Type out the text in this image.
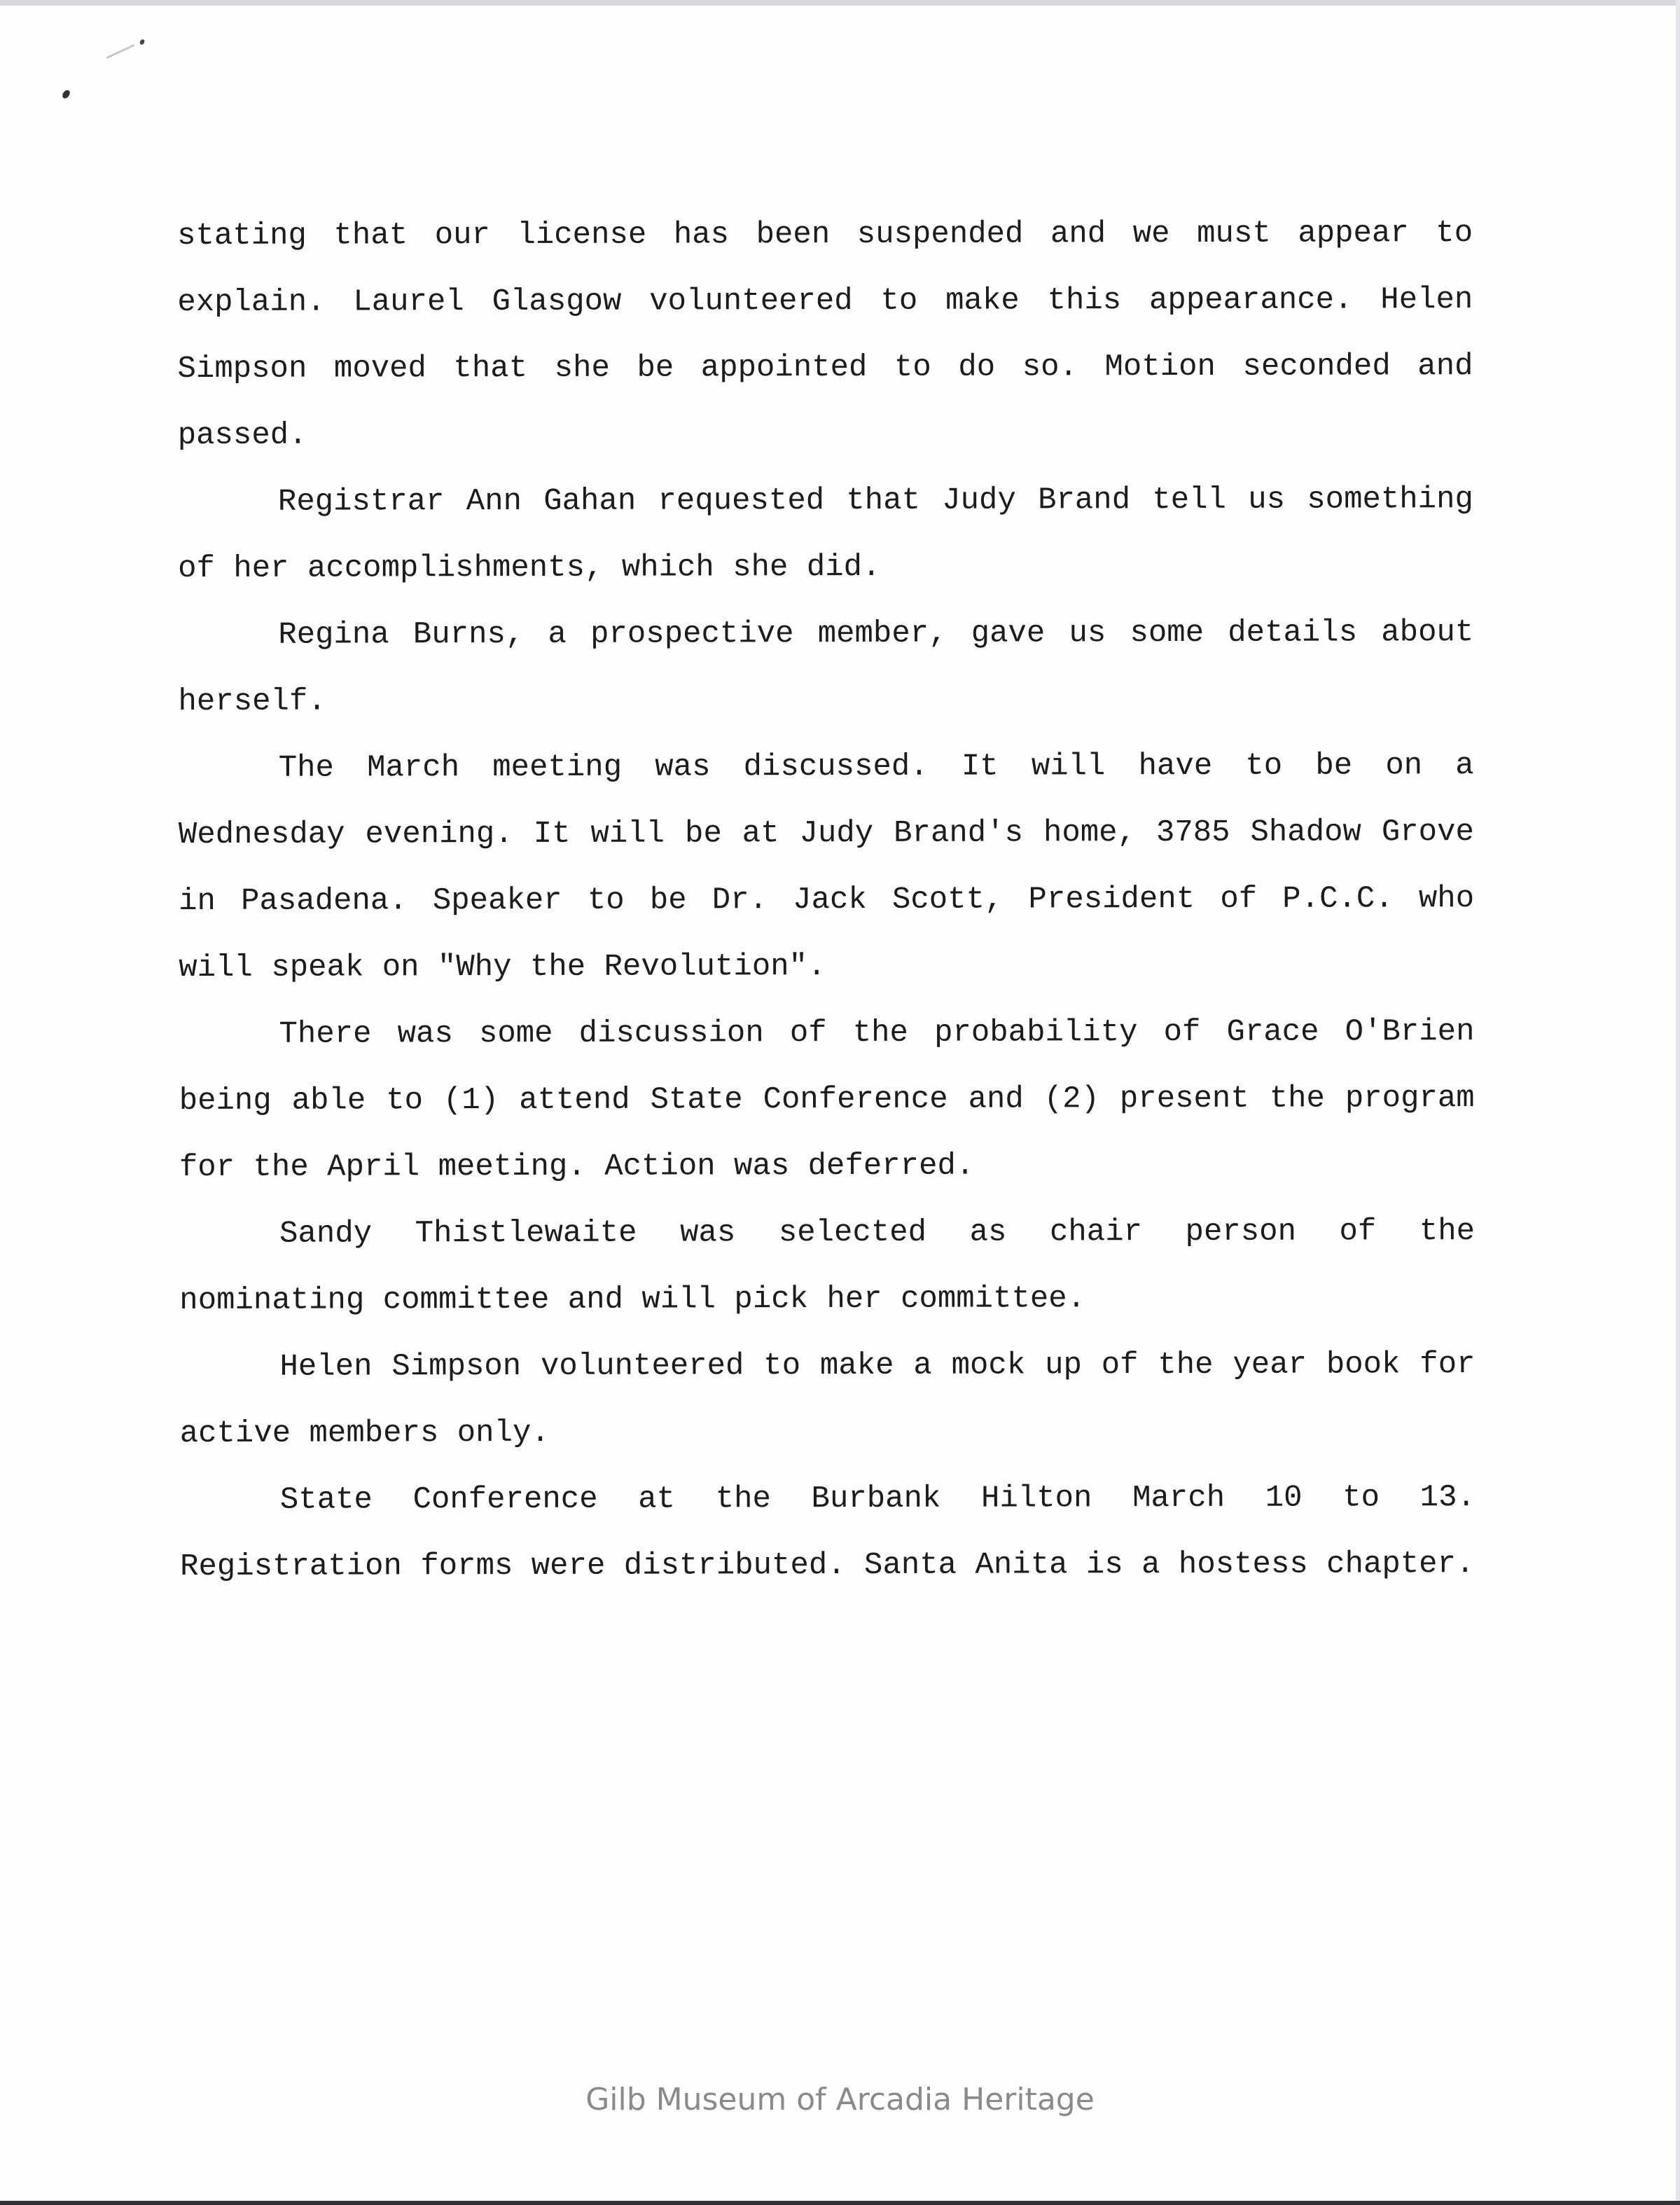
stating that our license has been suspended and we must appear to explain. Laurel Glasgow volunteered to make this appearance. Helen Simpson moved that she be appointed to do so. Motion seconded and passed.

Registrar Ann Gahan requested that Judy Brand tell us something of her accomplishments, which she did.

Regina Burns, a prospective member, gave us some details about herself.

The March meeting was discussed. It will have to be on a Wednesday evening. It will be at Judy Brand's home, 3785 Shadow Grove in Pasadena. Speaker to be Dr. Jack Scott, President of P.C.C. who will speak on "Why the Revolution".

There was some discussion of the probability of Grace O'Brien being able to (1) attend State Conference and (2) present the program for the April meeting. Action was deferred.

Sandy Thistlewaite was selected as chair person of the nominating committee and will pick her committee.

Helen Simpson volunteered to make a mock up of the year book for active members only.

State Conference at the Burbank Hilton March 10 to 13. Registration forms were distributed. Santa Anita is a hostess chapter.

Gilb Museum of Arcadia Heritage
